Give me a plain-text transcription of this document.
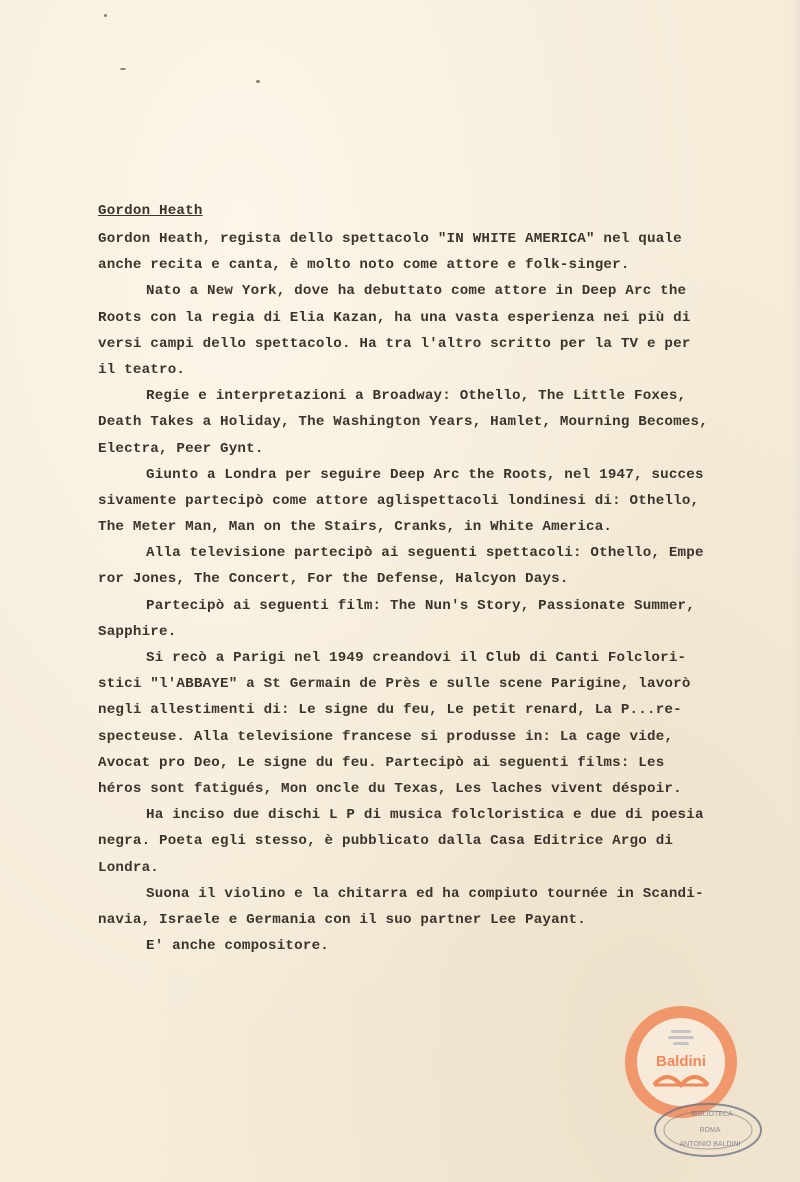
Gordon Heath
Gordon Heath, regista dello spettacolo "IN WHITE AMERICA" nel quale
anche recita e canta, è molto noto come attore e folk-singer.
Nato a New York, dove ha debuttato come attore in Deep Arc the
Roots con la regia di Elia Kazan, ha una vasta esperienza nei più di
versi campi dello spettacolo. Ha tra l'altro scritto per la TV e per
il teatro.
Regie e interpretazioni a Broadway: Othello, The Little Foxes,
Death Takes a Holiday, The Washington Years, Hamlet, Mourning Becomes,
Electra, Peer Gynt.
Giunto a Londra per seguire Deep Arc the Roots, nel 1947, succes
sivamente partecipò come attore aglispettacoli londinesi di: Othello,
The Meter Man, Man on the Stairs, Cranks, in White America.
Alla televisione partecipò ai seguenti spettacoli: Othello, Empe
ror Jones, The Concert, For the Defense, Halcyon Days.
Partecipò ai seguenti film: The Nun's Story, Passionate Summer,
Sapphire.
Si recò a Parigi nel 1949 creandovi il Club di Canti Folclori-
stici "l'ABBAYE" a St Germain de Près e sulle scene Parigine, lavorò
negli allestimenti di: Le signe du feu, Le petit renard, La P...re-
specteuse. Alla televisione francese si produsse in: La cage vide,
Avocat pro Deo, Le signe du feu. Partecipò ai seguenti films: Les
héros sont fatigués, Mon oncle du Texas, Les laches vivent déspoir.
Ha inciso due dischi L P di musica folcloristica e due di poesia
negra. Poeta egli stesso, è pubblicato dalla Casa Editrice Argo di
Londra.
Suona il violino e la chitarra ed ha compiuto tournée in Scandi-
navia, Israele e Germania con il suo partner Lee Payant.
E' anche compositore.
Baldini
BIBLIOTECA
ROMA
ANTONIO BALDINI
